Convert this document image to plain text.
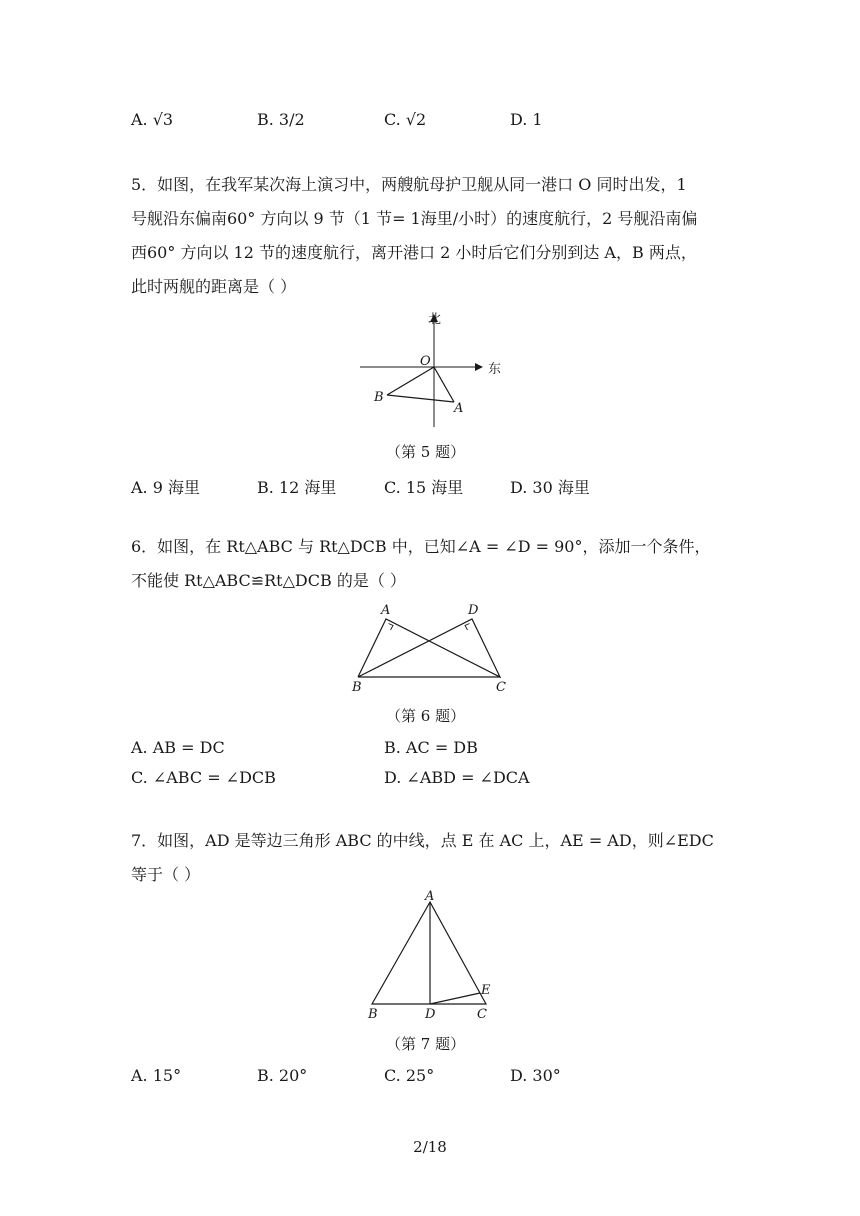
A. √3	B. 3/2	C. √2	D. 1

5．如图，在我军某次海上演习中，两艘航母护卫舰从同一港口 O 同时出发，1

号舰沿东偏南60° 方向以 9 节（1 节= 1海里/小时）的速度航行，2 号舰沿南偏

西60° 方向以 12 节的速度航行，离开港口 2 小时后它们分别到达 A，B 两点，

此时两舰的距离是（ ）

北
东
O
B
A
（第 5 题）
A. 9 海里	B. 12 海里	C. 15 海里	D. 30 海里

6．如图，在 Rt△ABC 与 Rt△DCB 中，已知∠A = ∠D = 90°，添加一个条件，

不能使 Rt△ABC≌Rt△DCB 的是（ ）

A	D
B	C
（第 6 题）
A. AB = DC	B. AC = DB
C. ∠ABC = ∠DCB	D. ∠ABD = ∠DCA

7．如图，AD 是等边三角形 ABC 的中线，点 E 在 AC 上，AE = AD，则∠EDC

等于（ ）

A
B	D	C
E
（第 7 题）
A. 15°	B. 20°	C. 25°	D. 30°
2/18
